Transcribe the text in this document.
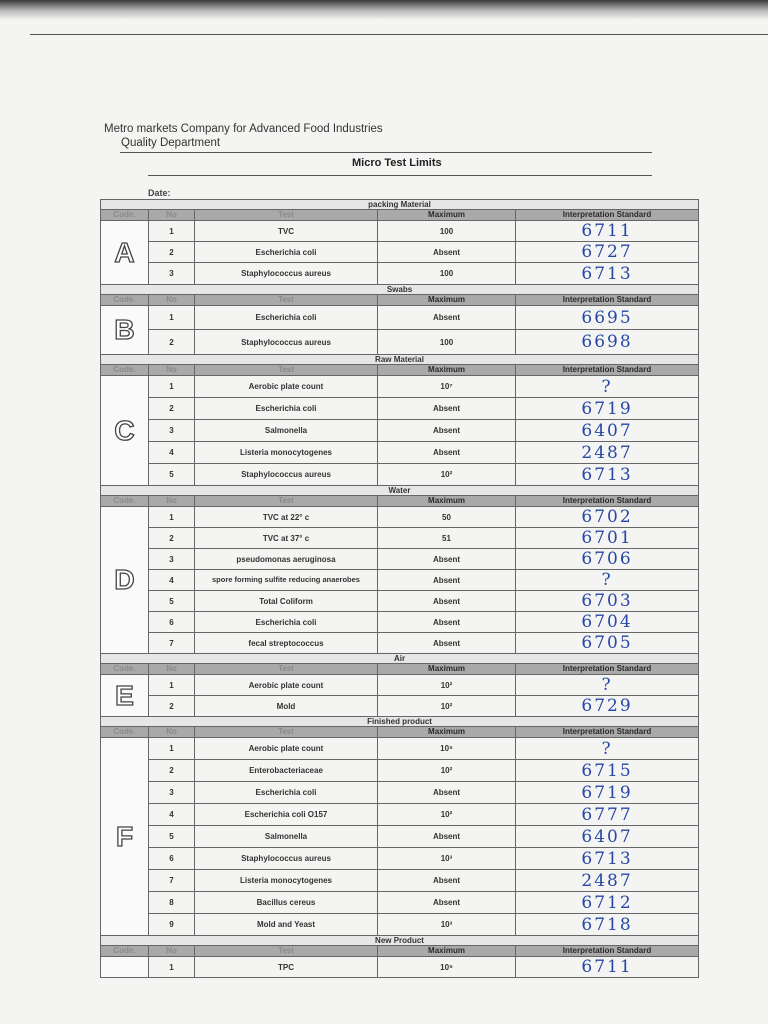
Metro markets Company for Advanced Food Industries
Quality Department
Micro Test Limits
Date:
packing Material				
Code.	No	Test	Maximum	Interpretation Standard
A	1	TVC	100	6711
	2	Escherichia coli	Absent	6727
	3	Staphylococcus aureus	100	6713
Swabs				
Code.	No	Test	Maximum	Interpretation Standard
B	1	Escherichia coli	Absent	6695
	2	Staphylococcus aureus	100	6698
Raw Material				
Code.	No	Test	Maximum	Interpretation Standard
C	1	Aerobic plate count	10⁷	?
	2	Escherichia coli	Absent	6719
	3	Salmonella	Absent	6407
	4	Listeria monocytogenes	Absent	2487
	5	Staphylococcus aureus	10²	6713
Water				
Code.	No	Test	Maximum	Interpretation Standard
D	1	TVC at 22° c	50	6702
	2	TVC at 37° c	51	6701
	3	pseudomonas aeruginosa	Absent	6706
	4	spore forming sulfite reducing anaerobes	Absent	?
	5	Total Coliform	Absent	6703
	6	Escherichia coli	Absent	6704
	7	fecal streptococcus	Absent	6705
Air				
Code.	No	Test	Maximum	Interpretation Standard
E	1	Aerobic plate count	10²	?
	2	Mold	10²	6729
Finished product				
Code.	No	Test	Maximum	Interpretation Standard
F	1	Aerobic plate count	10⁵	?
	2	Enterobacteriaceae	10²	6715
	3	Escherichia coli	Absent	6719
	4	Escherichia coli O157	10²	6777
	5	Salmonella	Absent	6407
	6	Staphylococcus aureus	10³	6713
	7	Listeria monocytogenes	Absent	2487
	8	Bacillus cereus	Absent	6712
	9	Mold and Yeast	10³	6718
New Product				
Code.	No	Test	Maximum	Interpretation Standard
	1	TPC	10⁵	6711
